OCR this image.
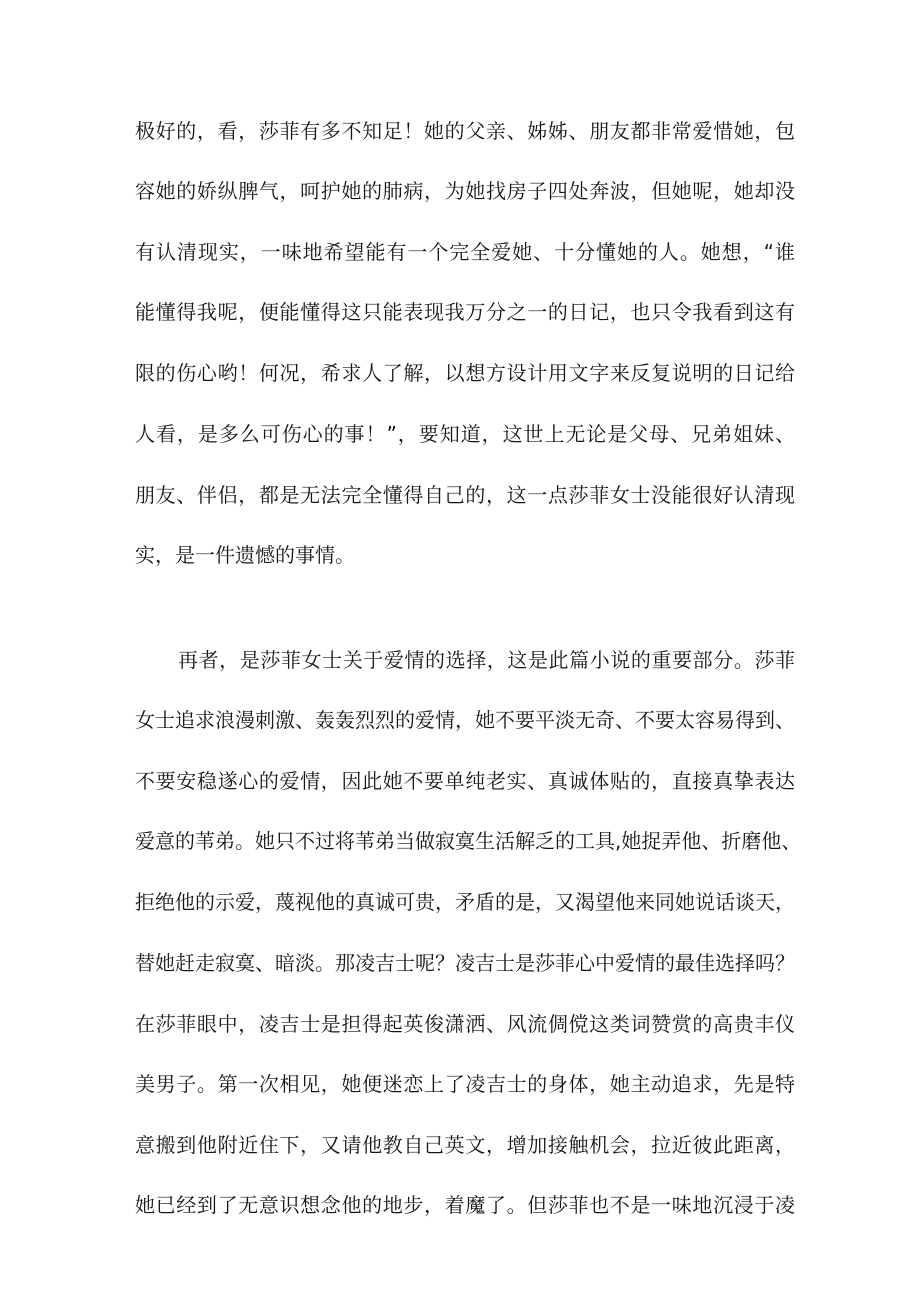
极好的，看，莎菲有多不知足！她的父亲、姊姊、朋友都非常爱惜她，包
容她的娇纵脾气，呵护她的肺病，为她找房子四处奔波，但她呢，她却没
有认清现实，一味地希望能有一个完全爱她、十分懂她的人。她想，“谁
能懂得我呢，便能懂得这只能表现我万分之一的日记，也只令我看到这有
限的伤心哟！何况，希求人了解，以想方设计用文字来反复说明的日记给
人看，是多么可伤心的事！”，要知道，这世上无论是父母、兄弟姐妹、
朋友、伴侣，都是无法完全懂得自己的，这一点莎菲女士没能很好认清现
实，是一件遗憾的事情。
再者，是莎菲女士关于爱情的选择，这是此篇小说的重要部分。莎菲
女士追求浪漫刺激、轰轰烈烈的爱情，她不要平淡无奇、不要太容易得到、
不要安稳遂心的爱情，因此她不要单纯老实、真诚体贴的，直接真挚表达
爱意的苇弟。她只不过将苇弟当做寂寞生活解乏的工具,她捉弄他、折磨他、
拒绝他的示爱，蔑视他的真诚可贵，矛盾的是，又渴望他来同她说话谈天，
替她赶走寂寞、暗淡。那凌吉士呢？凌吉士是莎菲心中爱情的最佳选择吗？
在莎菲眼中，凌吉士是担得起英俊潇洒、风流倜傥这类词赞赏的高贵丰仪
美男子。第一次相见，她便迷恋上了凌吉士的身体，她主动追求，先是特
意搬到他附近住下，又请他教自己英文，增加接触机会，拉近彼此距离，
她已经到了无意识想念他的地步，着魔了。但莎菲也不是一味地沉浸于凌
